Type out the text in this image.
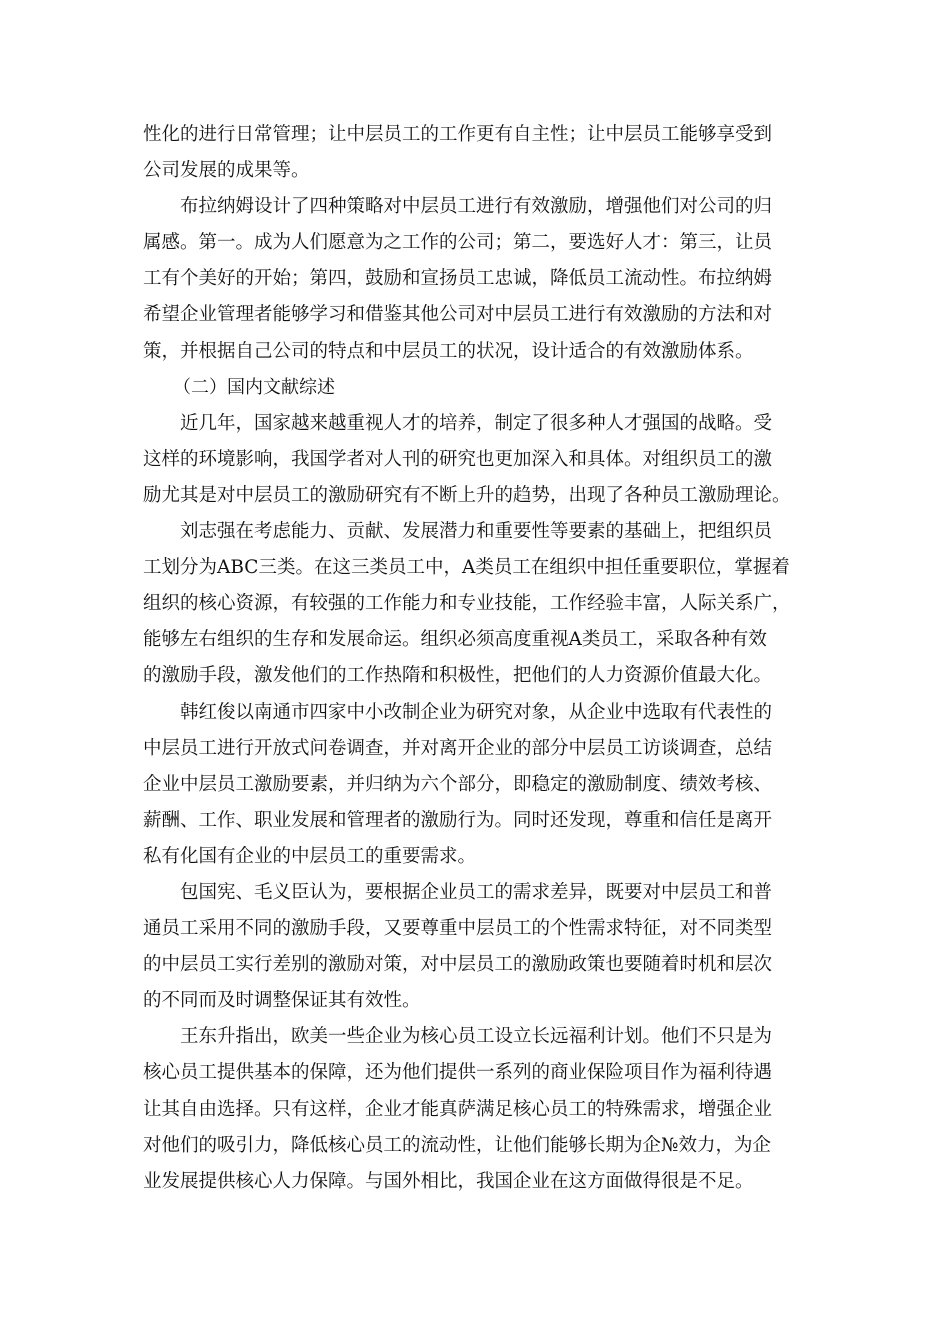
性化的进行日常管理；让中层员工的工作更有自主性；让中层员工能够享受到
公司发展的成果等。
布拉纳姆设计了四种策略对中层员工进行有效激励，增强他们对公司的归
属感。第一。成为人们愿意为之工作的公司；第二，要选好人才：第三，让员
工有个美好的开始；第四，鼓励和宣扬员工忠诚，降低员工流动性。布拉纳姆
希望企业管理者能够学习和借鉴其他公司对中层员工进行有效激励的方法和对
策，并根据自己公司的特点和中层员工的状况，设计适合的有效激励体系。
（二）国内文献综述
近几年，国家越来越重视人才的培养，制定了很多种人才强国的战略。受
这样的环境影响，我国学者对人刊的研究也更加深入和具体。对组织员工的激
励尤其是对中层员工的激励研究有不断上升的趋势，出现了各种员工激励理论。
刘志强在考虑能力、贡献、发展潜力和重要性等要素的基础上，把组织员
工划分为ABC三类。在这三类员工中，A类员工在组织中担任重要职位，掌握着
组织的核心资源，有较强的工作能力和专业技能，工作经验丰富，人际关系广，
能够左右组织的生存和发展命运。组织必须高度重视A类员工，采取各种有效
的激励手段，激发他们的工作热隋和积极性，把他们的人力资源价值最大化。
韩红俊以南通市四家中小改制企业为研究对象，从企业中选取有代表性的
中层员工进行开放式问卷调查，并对离开企业的部分中层员工访谈调查，总结
企业中层员工激励要素，并归纳为六个部分，即稳定的激励制度、绩效考核、
薪酬、工作、职业发展和管理者的激励行为。同时还发现，尊重和信任是离开
私有化国有企业的中层员工的重要需求。
包国宪、毛义臣认为，要根据企业员工的需求差异，既要对中层员工和普
通员工采用不同的激励手段，又要尊重中层员工的个性需求特征，对不同类型
的中层员工实行差别的激励对策，对中层员工的激励政策也要随着时机和层次
的不同而及时调整保证其有效性。
王东升指出，欧美一些企业为核心员工设立长远福利计划。他们不只是为
核心员工提供基本的保障，还为他们提供一系列的商业保险项目作为福利待遇
让其自由选择。只有这样，企业才能真萨满足核心员工的特殊需求，增强企业
对他们的吸引力，降低核心员工的流动性，让他们能够长期为企№效力，为企
业发展提供核心人力保障。与国外相比，我国企业在这方面做得很是不足。
